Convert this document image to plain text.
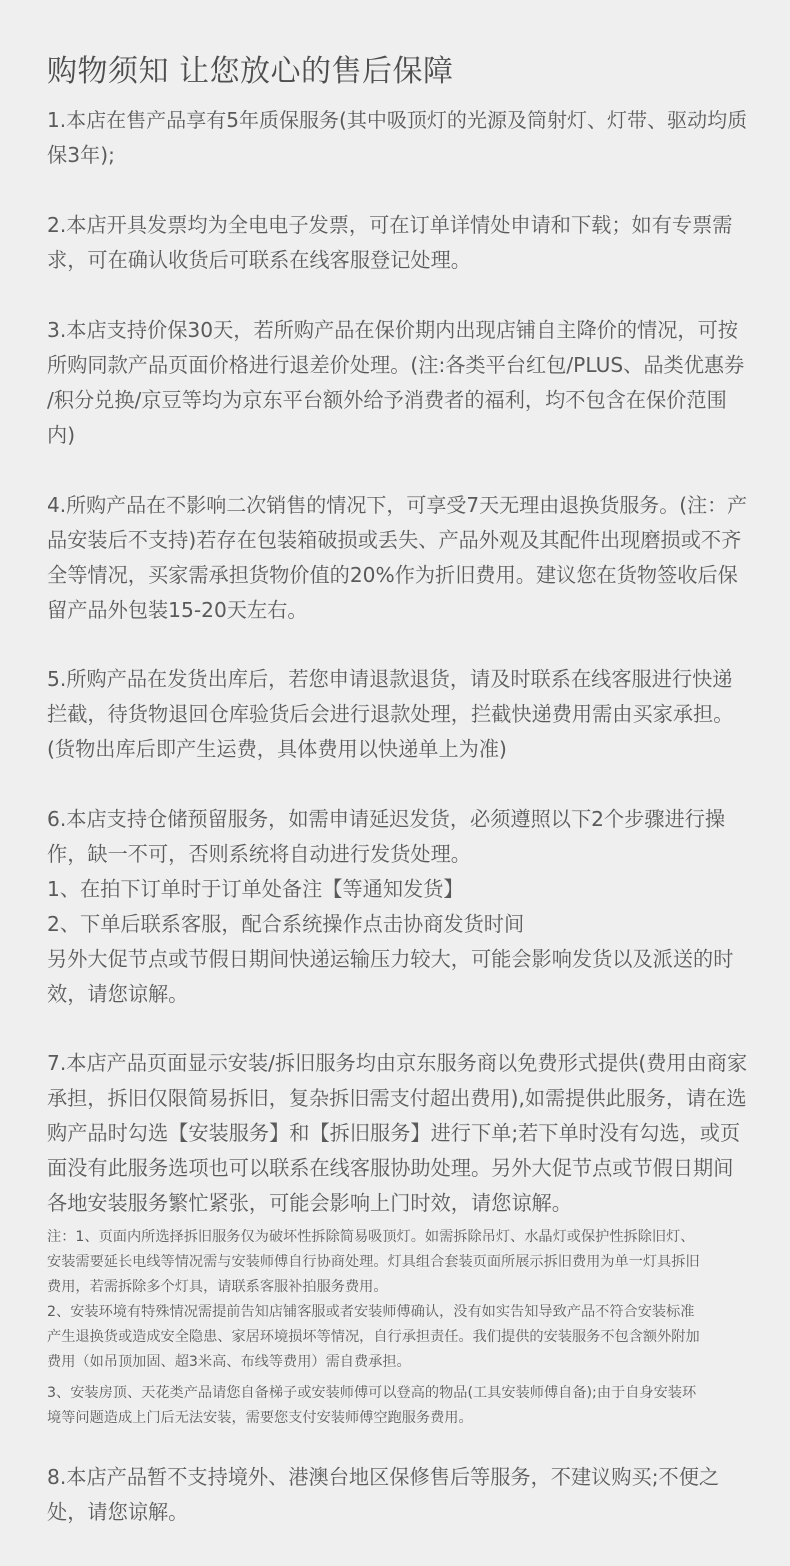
购物须知 让您放心的售后保障
1.本店在售产品享有5年质保服务(其中吸顶灯的光源及筒射灯、灯带、驱动均质
保3年);
2.本店开具发票均为全电电子发票，可在订单详情处申请和下载；如有专票需
求，可在确认收货后可联系在线客服登记处理。
3.本店支持价保30天，若所购产品在保价期内出现店铺自主降价的情况，可按
所购同款产品页面价格进行退差价处理。(注:各类平台红包/PLUS、品类优惠券
/积分兑换/京豆等均为京东平台额外给予消费者的福利，均不包含在保价范围
内)
4.所购产品在不影响二次销售的情况下，可享受7天无理由退换货服务。(注：产
品安装后不支持)若存在包装箱破损或丢失、产品外观及其配件出现磨损或不齐
全等情况，买家需承担货物价值的20%作为折旧费用。建议您在货物签收后保
留产品外包装15-20天左右。
5.所购产品在发货出库后，若您申请退款退货，请及时联系在线客服进行快递
拦截，待货物退回仓库验货后会进行退款处理，拦截快递费用需由买家承担。
(货物出库后即产生运费，具体费用以快递单上为准)
6.本店支持仓储预留服务，如需申请延迟发货，必须遵照以下2个步骤进行操
作，缺一不可，否则系统将自动进行发货处理。
1、在拍下订单时于订单处备注【等通知发货】
2、下单后联系客服，配合系统操作点击协商发货时间
另外大促节点或节假日期间快递运输压力较大，可能会影响发货以及派送的时
效，请您谅解。
7.本店产品页面显示安装/拆旧服务均由京东服务商以免费形式提供(费用由商家
承担，拆旧仅限简易拆旧，复杂拆旧需支付超出费用),如需提供此服务，请在选
购产品时勾选【安装服务】和【拆旧服务】进行下单;若下单时没有勾选，或页
面没有此服务选项也可以联系在线客服协助处理。另外大促节点或节假日期间
各地安装服务繁忙紧张，可能会影响上门时效，请您谅解。
注：1、页面内所选择拆旧服务仅为破坏性拆除简易吸顶灯。如需拆除吊灯、水晶灯或保护性拆除旧灯、
安装需要延长电线等情况需与安装师傅自行协商处理。灯具组合套装页面所展示拆旧费用为单一灯具拆旧
费用，若需拆除多个灯具，请联系客服补拍服务费用。
2、安装环境有特殊情况需提前告知店铺客服或者安装师傅确认，没有如实告知导致产品不符合安装标准
产生退换货或造成安全隐患、家居环境损坏等情况，自行承担责任。我们提供的安装服务不包含额外附加
费用（如吊顶加固、超3米高、布线等费用）需自费承担。
3、安装房顶、天花类产品请您自备梯子或安装师傅可以登高的物品(工具安装师傅自备);由于自身安装环
境等问题造成上门后无法安装，需要您支付安装师傅空跑服务费用。
8.本店产品暂不支持境外、港澳台地区保修售后等服务，不建议购买;不便之
处，请您谅解。
